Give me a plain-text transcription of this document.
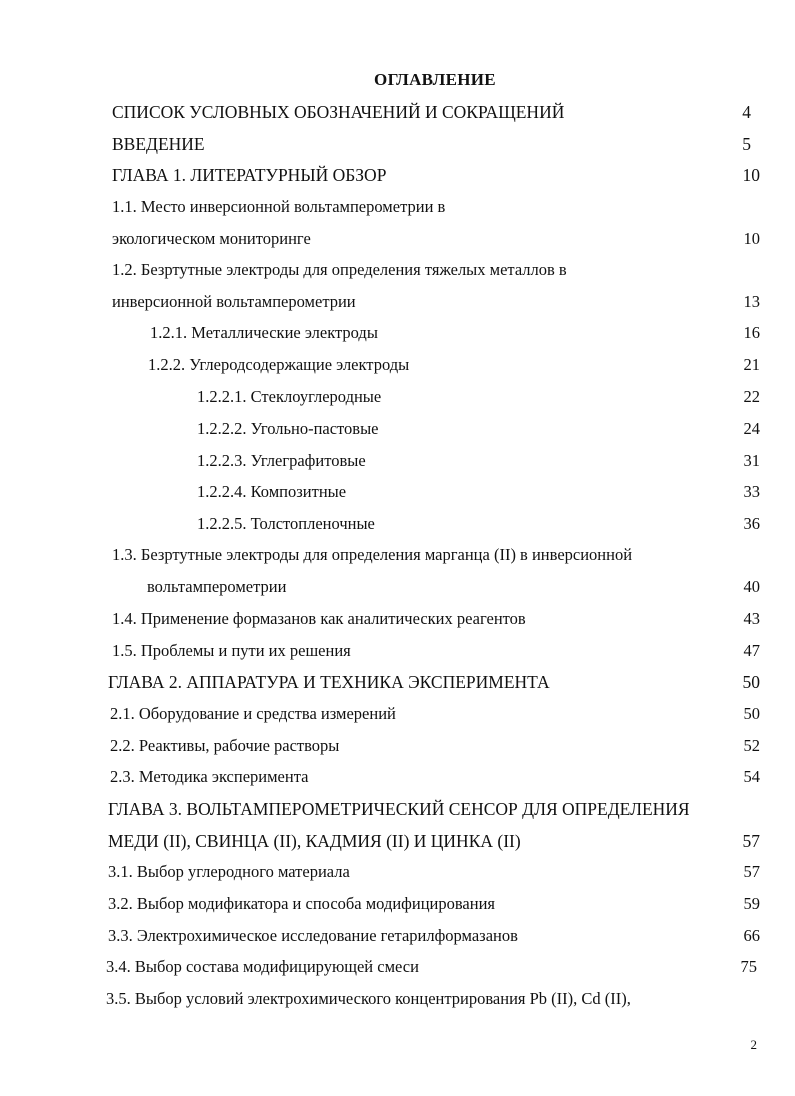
ОГЛАВЛЕНИЕ
СПИСОК УСЛОВНЫХ ОБОЗНАЧЕНИЙ И СОКРАЩЕНИЙ	4
ВВЕДЕНИЕ	5
ГЛАВА 1. ЛИТЕРАТУРНЫЙ ОБЗОР	10
1.1. Место инверсионной вольтамперометрии в
экологическом мониторинге	10
1.2. Безртутные электроды для определения тяжелых металлов в
инверсионной вольтамперометрии	13
1.2.1. Металлические электроды	16
1.2.2. Углеродсодержащие электроды	21
1.2.2.1. Стеклоуглеродные	22
1.2.2.2. Угольно-пастовые	24
1.2.2.3. Углеграфитовые	31
1.2.2.4. Композитные	33
1.2.2.5. Толстопленочные	36
1.3. Безртутные электроды для определения марганца (II) в инверсионной
вольтамперометрии	40
1.4. Применение формазанов как аналитических реагентов	43
1.5. Проблемы и пути их решения	47
ГЛАВА 2. АППАРАТУРА И ТЕХНИКА ЭКСПЕРИМЕНТА	50
2.1. Оборудование и средства измерений	50
2.2. Реактивы, рабочие растворы	52
2.3. Методика эксперимента	54
ГЛАВА 3. ВОЛЬТАМПЕРОМЕТРИЧЕСКИЙ СЕНСОР ДЛЯ ОПРЕДЕЛЕНИЯ
МЕДИ (II), СВИНЦА (II), КАДМИЯ (II) И ЦИНКА (II)	57
3.1. Выбор углеродного материала	57
3.2. Выбор модификатора и способа модифицирования	59
3.3. Электрохимическое исследование гетарилформазанов	66
3.4. Выбор состава модифицирующей смеси	75
3.5. Выбор условий электрохимического концентрирования Pb (II), Cd (II),
2
